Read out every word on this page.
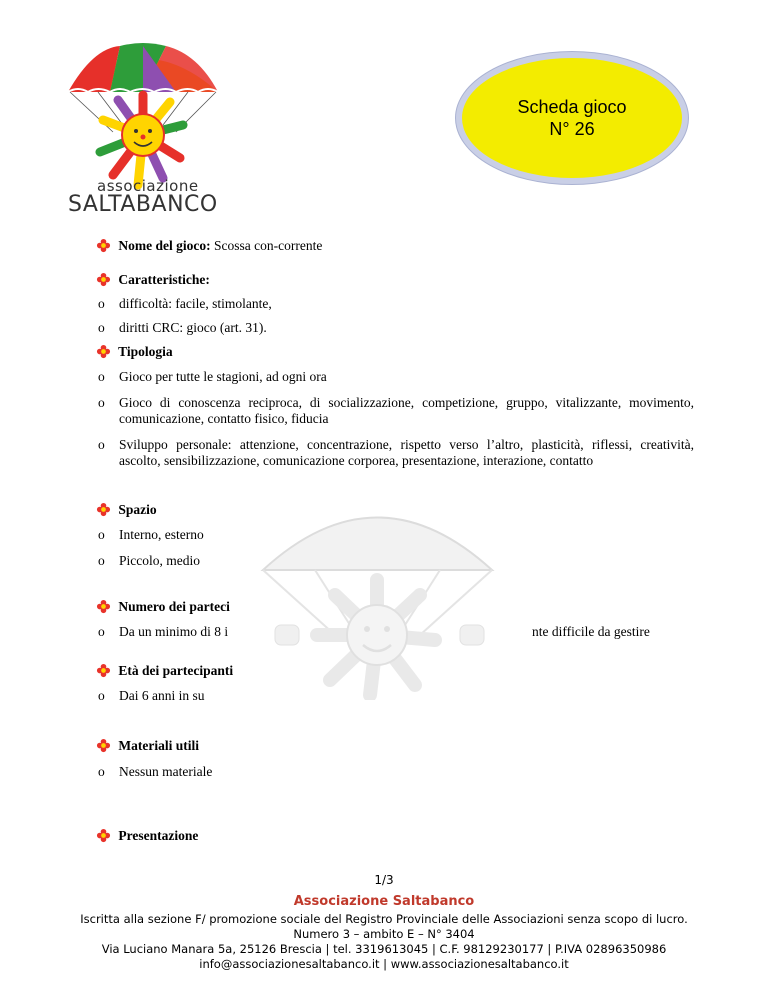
associazione
SALTABANCO
Scheda gioco
N° 26
Nome del gioco: Scossa con-corrente
Caratteristiche:
o difficoltà: facile, stimolante,
o diritti CRC: gioco (art. 31).
Tipologia
o Gioco per tutte le stagioni, ad ogni ora
o Gioco di conoscenza reciproca, di socializzazione, competizione, gruppo, vitalizzante, movimento, comunicazione, contatto fisico, fiducia
o Sviluppo personale: attenzione, concentrazione, rispetto verso l’altro, plasticità, riflessi, creatività, ascolto, sensibilizzazione, comunicazione corporea, presentazione, interazione, contatto
Spazio
o Interno, esterno
o Piccolo, medio
Numero dei parteci
o Da un minimo di 8 i	nte difficile da gestire
Età dei partecipanti
o Dai 6 anni in su
Materiali utili
o Nessun materiale
Presentazione
1/3
Associazione Saltabanco
Iscritta alla sezione F/ promozione sociale del Registro Provinciale delle Associazioni senza scopo di lucro.
Numero 3 – ambito E – N° 3404
Via Luciano Manara 5a, 25126 Brescia | tel. 3319613045 | C.F. 98129230177 | P.IVA 02896350986
info@associazionesaltabanco.it | www.associazionesaltabanco.it
